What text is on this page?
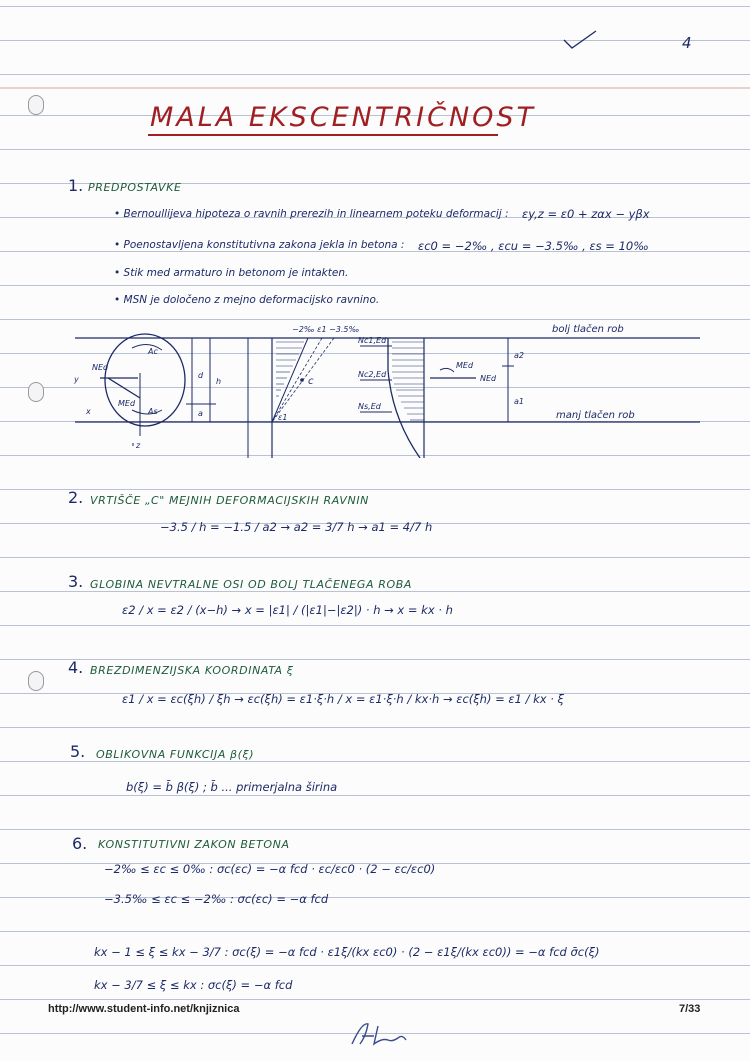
4
MALA EKSCENTRIČNOST
1. PREDPOSTAVKE
• Bernoullijeva hipoteza o ravnih prerezih in linearnem poteku deformacij : εy,z = ε0 + zαx − yβx
• Poenostavljena konstitutivna zakona jekla in betona : εc0 = −2‰ , εcu = −3.5‰ , εs = 10‰
• Stik med armaturo in betonom je intakten.
• MSN je določeno z mejno deformacijsko ravnino.
−2‰ ε1 −3.5‰
c
Ac
As
NEd
MEd
d
h
a
y
x
z
ε1
Nc1,Ed
Nc2,Ed
Ns,Ed
MEd
NEd
a2
a1
bolj tlačen rob
manj tlačen rob
2. VRTIŠČE „C" MEJNIH DEFORMACIJSKIH RAVNIN
−3.5 / h = −1.5 / a2 → a2 = 3/7 h → a1 = 4/7 h
3. GLOBINA NEVTRALNE OSI OD BOLJ TLAČENEGA ROBA
ε2 / x = ε2 / (x−h) → x = |ε1| / (|ε1|−|ε2|) · h → x = kx · h
4. BREZDIMENZIJSKA KOORDINATA ξ
ε1 / x = εc(ξh) / ξh → εc(ξh) = ε1·ξ·h / x = ε1·ξ·h / kx·h → εc(ξh) = ε1 / kx · ξ
5. OBLIKOVNA FUNKCIJA β(ξ)
b(ξ) = b̄ β(ξ) ; b̄ ... primerjalna širina
6. KONSTITUTIVNI ZAKON BETONA
−2‰ ≤ εc ≤ 0‰ : σc(εc) = −α fcd · εc/εc0 · (2 − εc/εc0)
−3.5‰ ≤ εc ≤ −2‰ : σc(εc) = −α fcd
kx − 1 ≤ ξ ≤ kx − 3/7 : σc(ξ) = −α fcd · ε1ξ/(kx εc0) · (2 − ε1ξ/(kx εc0)) = −α fcd σ̄c(ξ)
kx − 3/7 ≤ ξ ≤ kx : σc(ξ) = −α fcd
http://www.student-info.net/knjiznica	7/33
